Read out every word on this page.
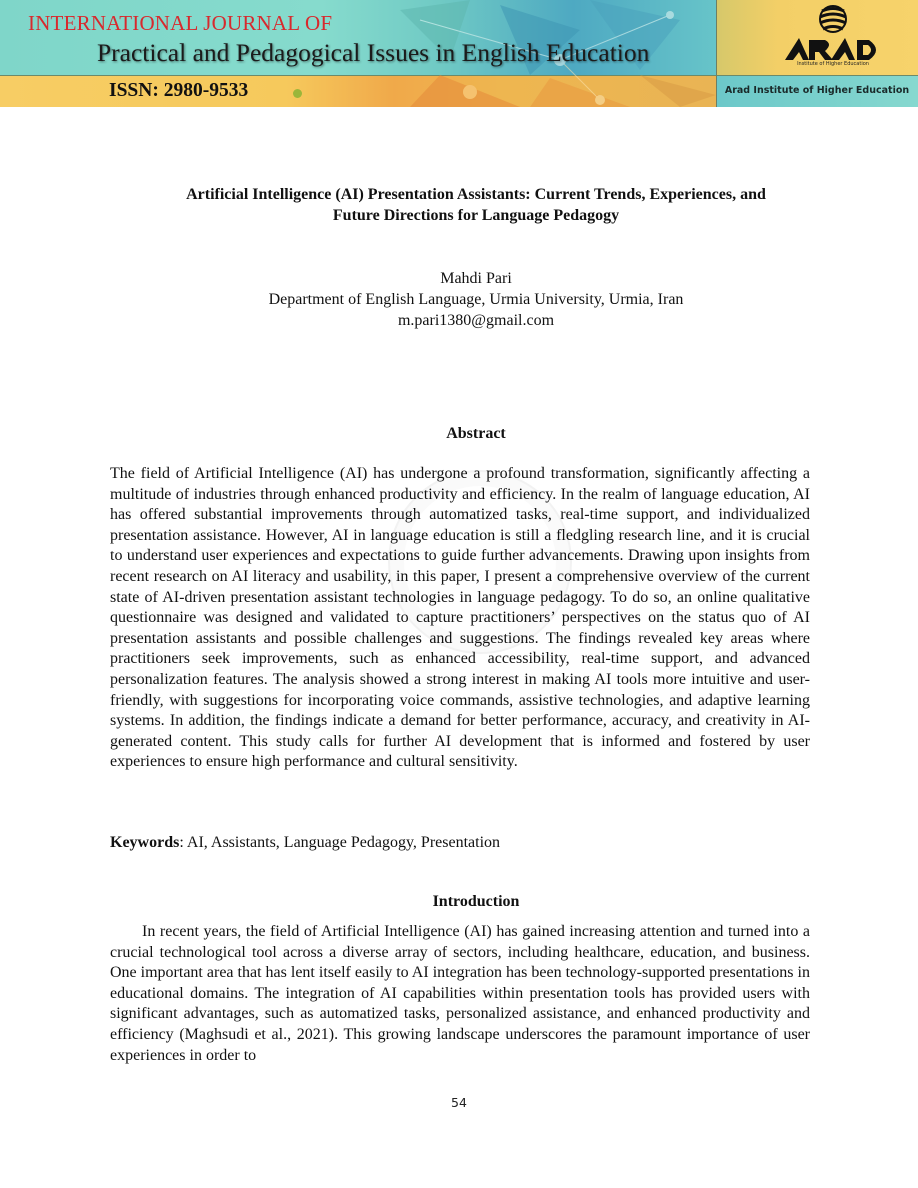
INTERNATIONAL JOURNAL OF
Practical and Pedagogical Issues in English Education
ISSN: 2980-9533
Institute of Higher Education
Arad Institute of Higher Education
Artificial Intelligence (AI) Presentation Assistants: Current Trends, Experiences, and
Future Directions for Language Pedagogy
Mahdi Pari
Department of English Language, Urmia University, Urmia, Iran
m.pari1380@gmail.com
Abstract

The field of Artificial Intelligence (AI) has undergone a profound transformation, significantly affecting a multitude of industries through enhanced productivity and efficiency. In the realm of language education, AI has offered substantial improvements through automatized tasks, real-time support, and individualized presentation assistance. However, AI in language education is still a fledgling research line, and it is crucial to understand user experiences and expectations to guide further advancements. Drawing upon insights from recent research on AI literacy and usability, in this paper, I present a comprehensive overview of the current state of AI-driven presentation assistant technologies in language pedagogy. To do so, an online qualitative questionnaire was designed and validated to capture practitioners’ perspectives on the status quo of AI presentation assistants and possible challenges and suggestions. The findings revealed key areas where practitioners seek improvements, such as enhanced accessibility, real-time support, and advanced personalization features. The analysis showed a strong interest in making AI tools more intuitive and user-friendly, with suggestions for incorporating voice commands, assistive technologies, and adaptive learning systems. In addition, the findings indicate a demand for better performance, accuracy, and creativity in AI-generated content. This study calls for further AI development that is informed and fostered by user experiences to ensure high performance and cultural sensitivity.

Keywords: AI, Assistants, Language Pedagogy, Presentation
Introduction

In recent years, the field of Artificial Intelligence (AI) has gained increasing attention and turned into a crucial technological tool across a diverse array of sectors, including healthcare, education, and business. One important area that has lent itself easily to AI integration has been technology-supported presentations in educational domains. The integration of AI capabilities within presentation tools has provided users with significant advantages, such as automatized tasks, personalized assistance, and enhanced productivity and efficiency (Maghsudi et al., 2021). This growing landscape underscores the paramount importance of user experiences in order to

54
